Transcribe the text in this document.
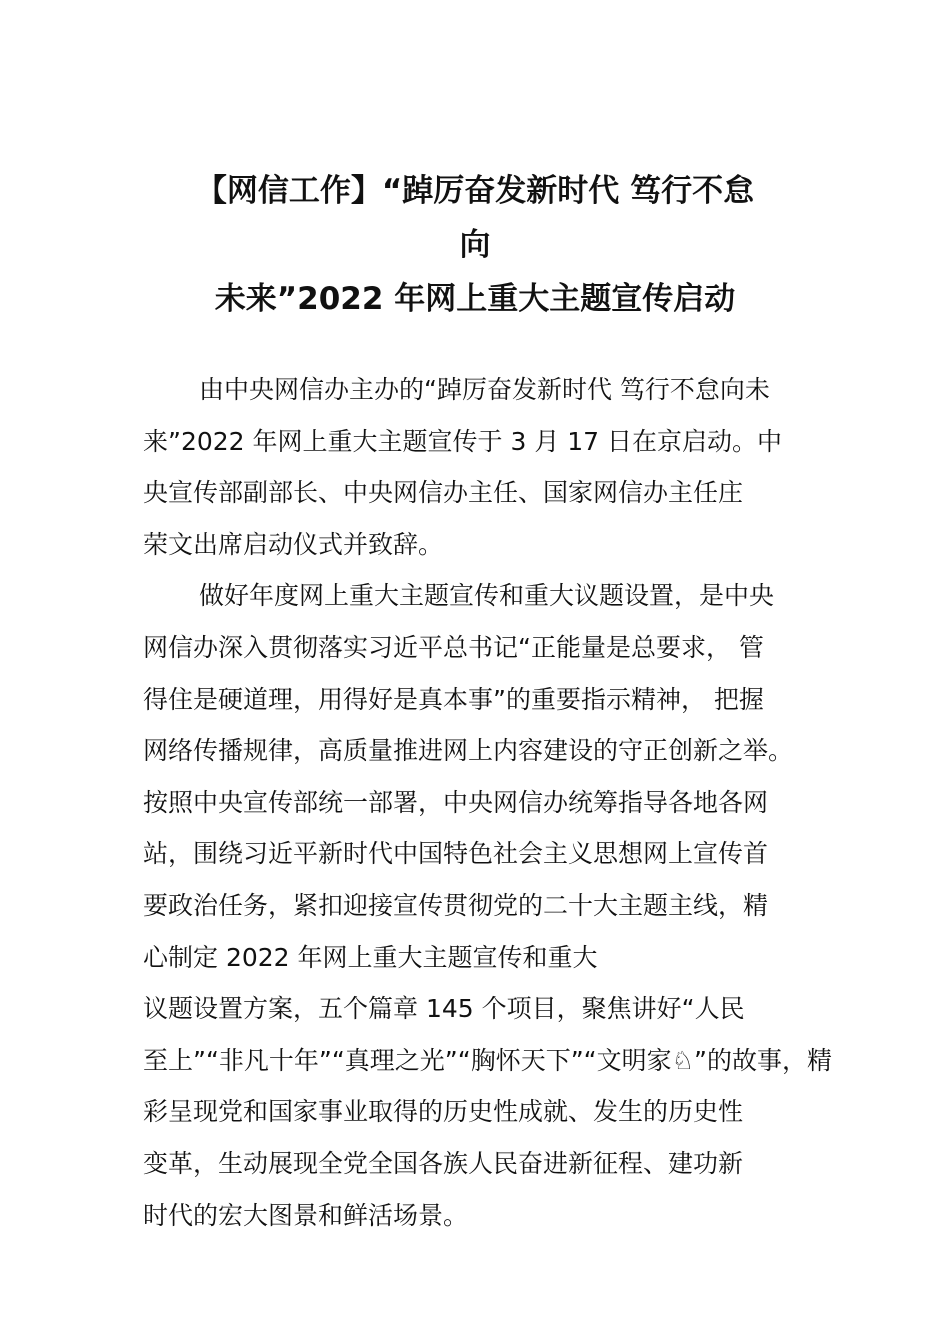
【网信工作】“踔厉奋发新时代 笃行不怠
向
未来”2022 年网上重大主题宣传启动
由中央网信办主办的“踔厉奋发新时代 笃行不怠向未
来”2022 年网上重大主题宣传于 3 月 17 日在京启动。中
央宣传部副部长、中央网信办主任、国家网信办主任庄
荣文出席启动仪式并致辞。
做好年度网上重大主题宣传和重大议题设置，是中央
网信办深入贯彻落实习近平总书记“正能量是总要求， 管
得住是硬道理，用得好是真本事”的重要指示精神， 把握
网络传播规律，高质量推进网上内容建设的守正创新之举。
按照中央宣传部统一部署，中央网信办统筹指导各地各网
站，围绕习近平新时代中国特色社会主义思想网上宣传首
要政治任务，紧扣迎接宣传贯彻党的二十大主题主线，精
心制定 2022 年网上重大主题宣传和重大
议题设置方案，五个篇章 145 个项目，聚焦讲好“人民
至上”“非凡十年”“真理之光”“胸怀天下”“文明家♘”的故事，精
彩呈现党和国家事业取得的历史性成就、发生的历史性
变革，生动展现全党全国各族人民奋进新征程、建功新
时代的宏大图景和鲜活场景。
